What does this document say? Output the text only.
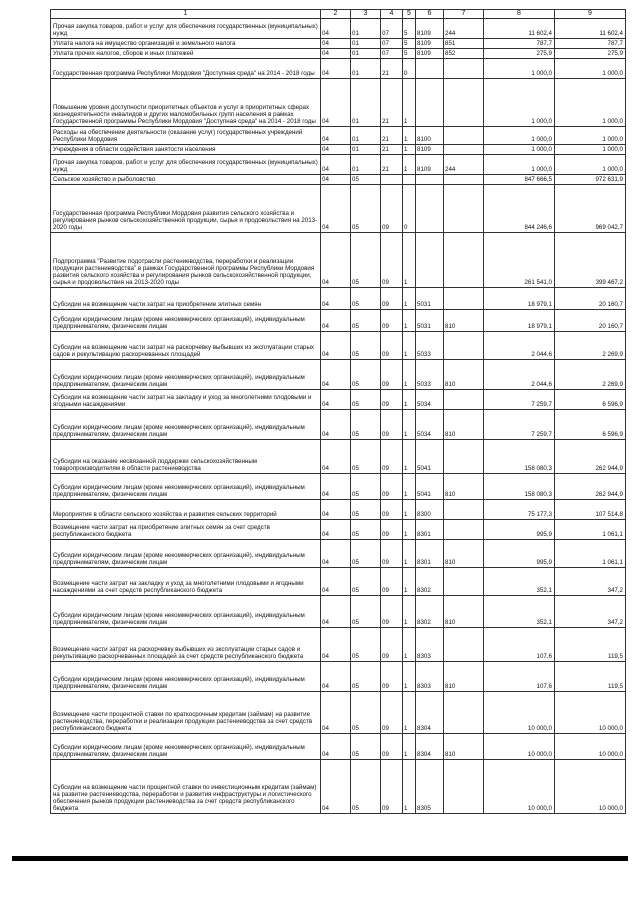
1	2	3	4	5	6	7	8	9
Прочая закупка товаров, работ и услуг для обеспечения государственных (муниципальных) нужд	04	01	07	5	8109	244	11 602,4	11 602,4
Уплата налога на имущество организаций и земельного налога	04	01	07	5	8109	851	787,7	787,7
Уплата прочих налогов, сборов и иных платежей	04	01	07	5	8109	852	275,9	275,9
Государственная программа Республики Мордовия "Доступная среда" на 2014 - 2018 годы	04	01	21	0			1 000,0	1 000,0
Повышение уровня доступности приоритетных объектов и услуг в приоритетных сферах жизнедеятельности инвалидов и других маломобильных групп населения в рамках Государственной программы Республики Мордовия "Доступная среда" на 2014 - 2018 годы	04	01	21	1			1 000,0	1 000,0
Расходы на обеспечение деятельности (оказание услуг) государственных учреждений Республики Мордовия	04	01	21	1	8100		1 000,0	1 000,0
Учреждения в области содействия занятости населения	04	01	21	1	8109		1 000,0	1 000,0
Прочая закупка товаров, работ и услуг для обеспечения государственных (муниципальных) нужд	04	01	21	1	8109	244	1 000,0	1 000,0
Сельское хозяйство и рыболовство	04	05					847 666,5	972 631,9
Государственная программа Республики Мордовия развития сельского хозяйства и регулирования рынков сельскохозяйственной продукции, сырья и продовольствия на 2013-2020 годы	04	05	09	0			844 246,6	969 042,7
Подпрограмма "Развитие подотрасли растениеводства, переработки и реализации продукции растениеводства" в рамках Государственной программы Республики Мордовия развития сельского хозяйства и регулирования рынков сельскохозяйственной продукции, сырья и продовольствия на 2013-2020 годы	04	05	09	1			261 541,0	399 467,2
Субсидии на возмещение части затрат на приобретение элитных семян	04	05	09	1	5031		18 979,1	20 160,7
Субсидии юридическим лицам (кроме некоммерческих организаций), индивидуальным предпринимателям, физическим лицам	04	05	09	1	5031	810	18 979,1	20 160,7
Субсидии на возмещение части затрат на раскорчевку выбывших из эксплуатации старых садов и рекультивацию раскорчеванных площадей	04	05	09	1	5033		2 044,6	2 269,9
Субсидии юридическим лицам (кроме некоммерческих организаций), индивидуальным предпринимателям, физическим лицам	04	05	09	1	5033	810	2 044,6	2 269,9
Субсидии на возмещение части затрат на закладку и уход за многолетними плодовыми и ягодными насаждениями	04	05	09	1	5034		7 259,7	6 596,9
Субсидии юридическим лицам (кроме некоммерческих организаций), индивидуальным предпринимателям, физическим лицам	04	05	09	1	5034	810	7 259,7	6 596,9
Субсидии на оказание несвязанной поддержки сельскохозяйственным товаропроизводителям в области растениеводства	04	05	09	1	5041		158 080,3	262 944,9
Субсидии юридическим лицам (кроме некоммерческих организаций), индивидуальным предпринимателям, физическим лицам	04	05	09	1	5041	810	158 080,3	262 944,9
Мероприятия в области сельского хозяйства и развития сельских территорий	04	05	09	1	8300		75 177,3	107 514,8
Возмещение части затрат на приобретение элитных семян за счет средств республиканского бюджета	04	05	09	1	8301		995,9	1 061,1
Субсидии юридическим лицам (кроме некоммерческих организаций), индивидуальным предпринимателям, физическим лицам	04	05	09	1	8301	810	995,9	1 061,1
Возмещение части затрат на закладку и уход за многолетними плодовыми и ягодными насаждениями за счет средств республиканского бюджета	04	05	09	1	8302		352,1	347,2
Субсидии юридическим лицам (кроме некоммерческих организаций), индивидуальным предпринимателям, физическим лицам	04	05	09	1	8302	810	352,1	347,2
Возмещение части затрат на раскорчевку выбывших из эксплуатации старых садов и рекультивацию раскорчеванных площадей за счет средств республиканского бюджета	04	05	09	1	8303		107,6	119,5
Субсидии юридическим лицам (кроме некоммерческих организаций), индивидуальным предпринимателям, физическим лицам	04	05	09	1	8303	810	107,6	119,5
Возмещение части процентной ставки по краткосрочным кредитам (займам) на развитие растениеводства, переработки и реализации продукции растениеводства за счет средств республиканского бюджета	04	05	09	1	8304		10 000,0	10 000,0
Субсидии юридическим лицам (кроме некоммерческих организаций), индивидуальным предпринимателям, физическим лицам	04	05	09	1	8304	810	10 000,0	10 000,0
Субсидии на возмещение части процентной ставки по инвестиционным кредитам (займам) на развитие растениеводства, переработки и развития инфраструктуры и логистического обеспечения рынков продукции растениеводства за счет средств республиканского бюджета	04	05	09	1	8305		10 000,0	10 000,0
